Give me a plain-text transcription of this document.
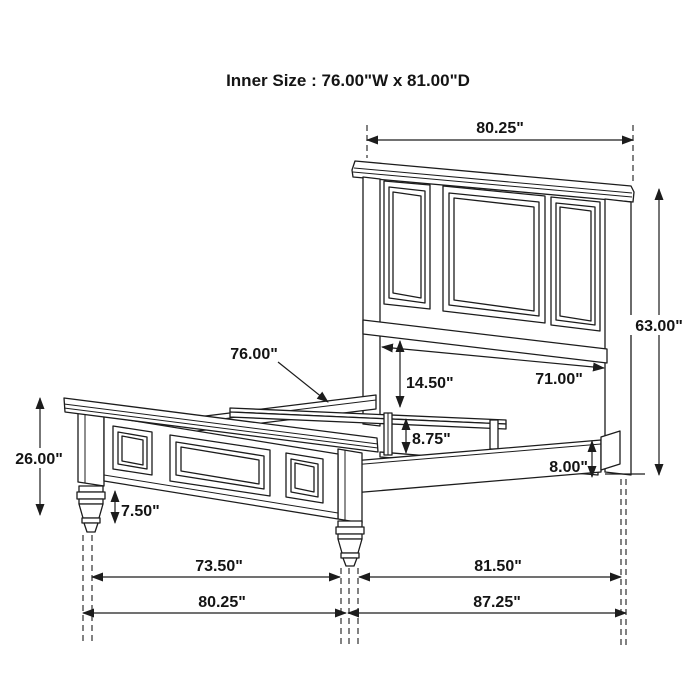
Inner Size : 76.00"W x 81.00"D
80.25"
63.00"
76.00"
14.50"	71.00"
8.75"
26.00"	8.00"
7.50"
73.50"	81.50"
80.25"	87.25"
